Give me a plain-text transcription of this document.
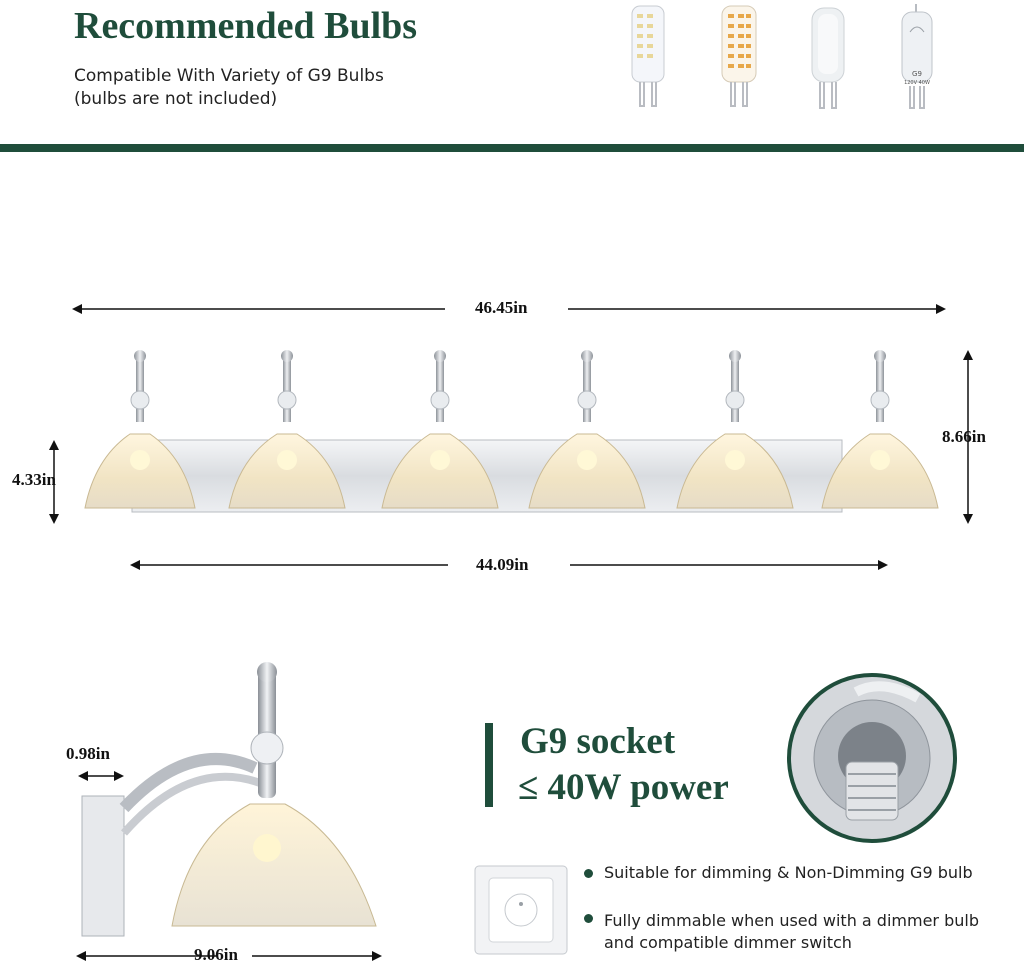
Recommended Bulbs
Compatible With Variety of G9 Bulbs
(bulbs are not included)
G9
120V 40W
46.45in
4.33in
8.66in
44.09in
0.98in
9.06in
G9 socket
≤ 40W power
Suitable for dimming & Non-Dimming G9 bulb
Fully dimmable when used with a dimmer bulb and compatible dimmer switch
